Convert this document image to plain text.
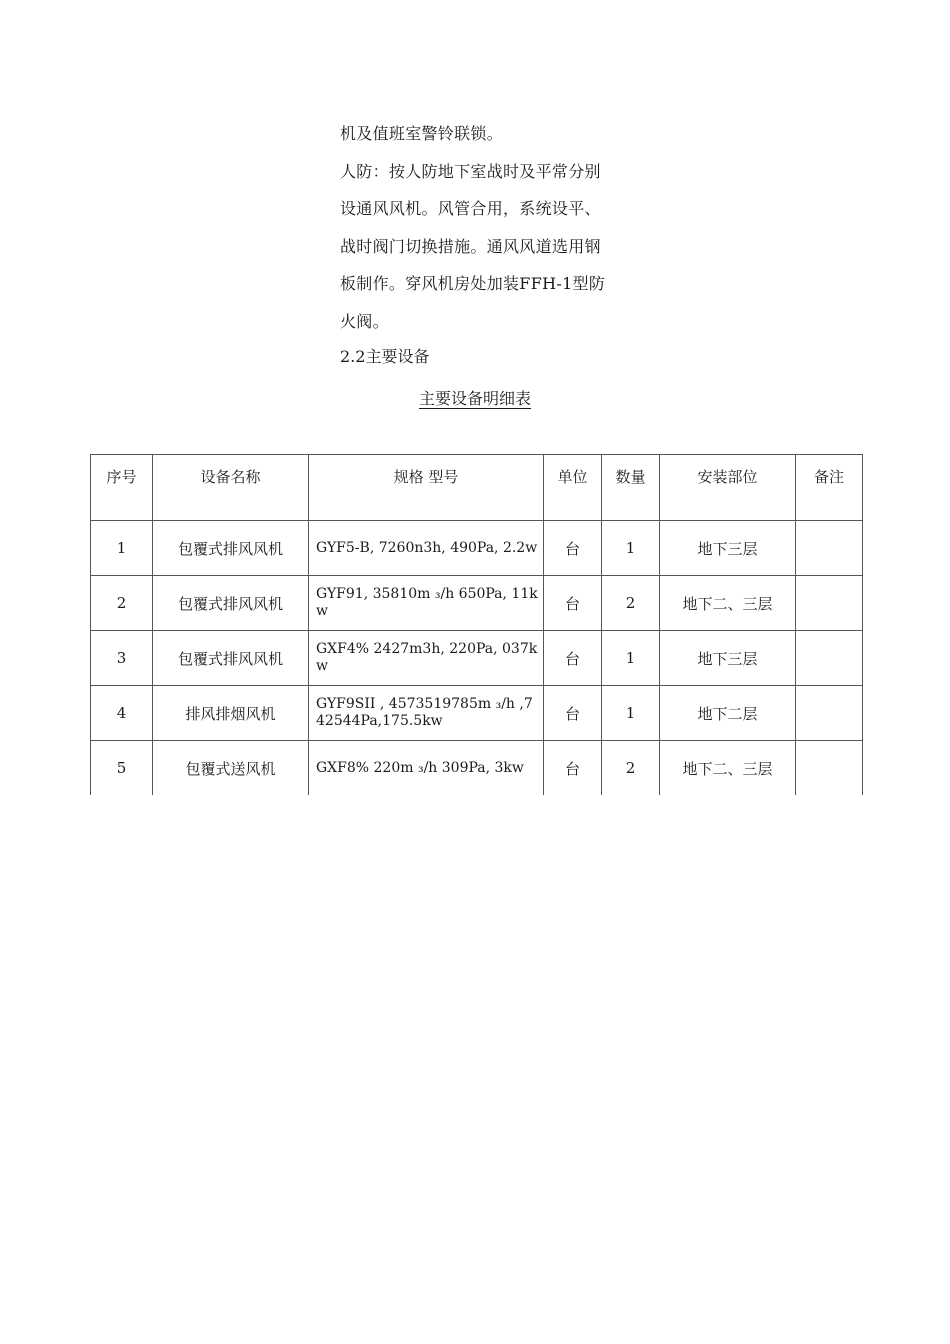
机及值班室警铃联锁。
人防：按人防地下室战时及平常分别
设通风风机。风管合用，系统设平、
战时阀门切换措施。通风风道选用钢
板制作。穿风机房处加装FFH-1型防
火阀。
2.2主要设备
主要设备明细表
序号	设备名称	规格 型号	单位	数量	安装部位	备注
1	包覆式排风风机	GYF5-B, 7260n3h, 490Pa, 2.2w	台	1	地下三层	
2	包覆式排风风机	GYF91, 35810m ₃/h 650Pa, 11kw	台	2	地下二、三层	
3	包覆式排风风机	GXF4% 2427m3h, 220Pa, 037kw	台	1	地下三层	
4	排风排烟风机	GYF9SII , 4573519785m ₃/h ,742544Pa,175.5kw	台	1	地下二层	
5	包覆式送风机	GXF8% 220m ₃/h 309Pa, 3kw	台	2	地下二、三层	
